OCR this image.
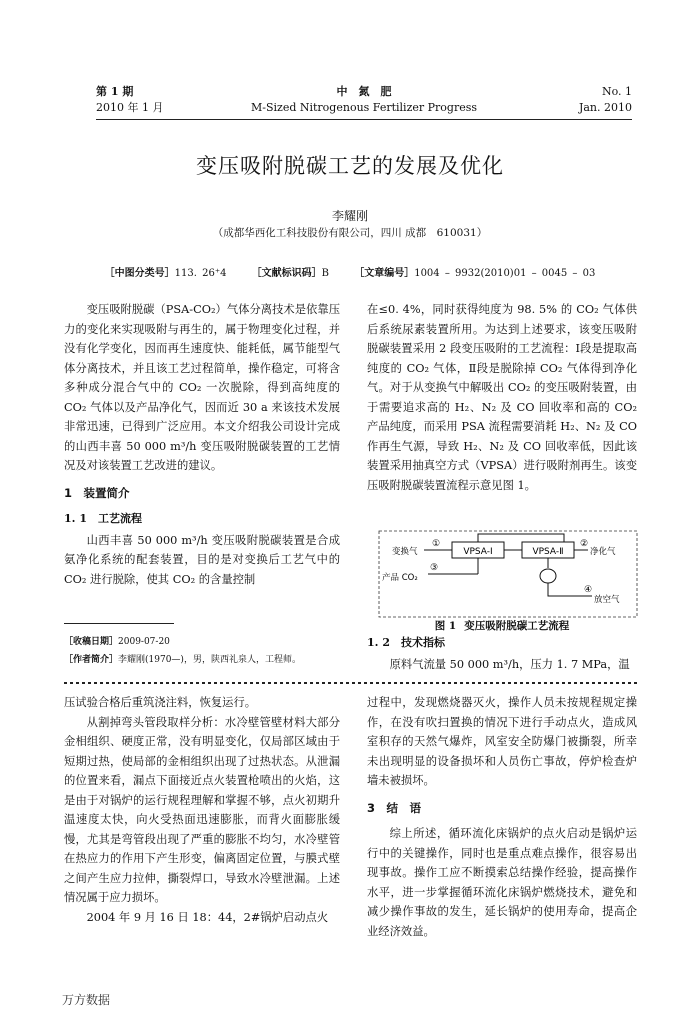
第 1 期
2010 年 1 月
中　氮　肥
M-Sized Nitrogenous Fertilizer Progress
No. 1
Jan. 2010
变压吸附脱碳工艺的发展及优化
李耀刚
（成都华西化工科技股份有限公司，四川 成都　610031）
［中图分类号］113. 26⁺4	［文献标识码］B	［文章编号］1004 – 9932(2010)01 – 0045 – 03

变压吸附脱碳（PSA-CO₂）气体分离技术是依靠压力的变化来实现吸附与再生的，属于物理变化过程，并没有化学变化，因而再生速度快、能耗低，属节能型气体分离技术，并且该工艺过程简单，操作稳定，可将含多种成分混合气中的 CO₂ 一次脱除，得到高纯度的 CO₂ 气体以及产品净化气，因而近 30 a 来该技术发展非常迅速，已得到广泛应用。本文介绍我公司设计完成的山西丰喜 50 000 m³/h 变压吸附脱碳装置的工艺情况及对该装置工艺改进的建议。

1　装置简介
1. 1　工艺流程

山西丰喜 50 000 m³/h 变压吸附脱碳装置是合成氨净化系统的配套装置，目的是对变换后工艺气中的 CO₂ 进行脱除，使其 CO₂ 的含量控制

在≤0. 4%，同时获得纯度为 98. 5% 的 CO₂ 气体供后系统尿素装置所用。为达到上述要求，该变压吸附脱碳装置采用 2 段变压吸附的工艺流程：Ⅰ段是提取高纯度的 CO₂ 气体，Ⅱ段是脱除掉 CO₂ 气体得到净化气。对于从变换气中解吸出 CO₂ 的变压吸附装置，由于需要追求高的 H₂、N₂ 及 CO 回收率和高的 CO₂ 产品纯度，而采用 PSA 流程需要消耗 H₂、N₂ 及 CO 作再生气源，导致 H₂、N₂ 及 CO 回收率低，因此该装置采用抽真空方式（VPSA）进行吸附剂再生。该变压吸附脱碳装置流程示意见图 1。

VPSA-Ⅰ	VPSA-Ⅱ
变换气
①	②
净化气
③
产品 CO₂
④
放空气
图 1 变压吸附脱碳工艺流程
1. 2　技术指标

原料气流量 50 000 m³/h，压力 1. 7 MPa，温

［收稿日期］2009-07-20
［作者简介］李耀刚(1970—)，男，陕西礼泉人，工程师。

压试验合格后重筑浇注料，恢复运行。

从割掉弯头管段取样分析：水冷壁管壁材料大部分金相组织、硬度正常，没有明显变化，仅局部区域由于短期过热，使局部的金相组织出现了过热状态。从泄漏的位置来看，漏点下面接近点火装置枪喷出的火焰，这是由于对锅炉的运行规程理解和掌握不够，点火初期升温速度太快，向火受热面迅速膨胀，而背火面膨胀缓慢，尤其是弯管段出现了严重的膨胀不均匀，水冷壁管在热应力的作用下产生形变，偏离固定位置，与膜式壁之间产生应力拉伸，撕裂焊口，导致水冷壁泄漏。上述情况属于应力损坏。

2004 年 9 月 16 日 18：44，2#锅炉启动点火

过程中，发现燃烧器灭火，操作人员未按规程规定操作，在没有吹扫置换的情况下进行手动点火，造成风室积存的天然气爆炸，风室安全防爆门被撕裂，所幸未出现明显的设备损坏和人员伤亡事故，停炉检查炉墙未被损坏。

3　结　语

综上所述，循环流化床锅炉的点火启动是锅炉运行中的关键操作，同时也是重点难点操作，很容易出现事故。操作工应不断摸索总结操作经验，提高操作水平，进一步掌握循环流化床锅炉燃烧技术，避免和减少操作事故的发生，延长锅炉的使用寿命，提高企业经济效益。

万方数据
